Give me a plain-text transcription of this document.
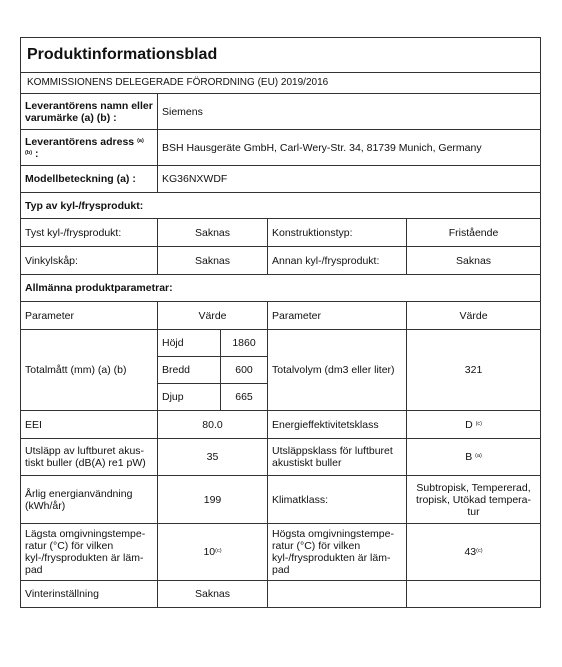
Produktinformationsblad				
KOMMISSIONENS DELEGERADE FÖRORDNING (EU) 2019/2016				
Leverantörens namn eller varumärke (a) (b) :	Siemens			
Leverantörens adress $^{(a)}$
$^{(b)}$ :	BSH Hausgeräte GmbH, Carl-Wery-Str. 34, 81739 Munich, Germany			
Modellbeteckning (a) :	KG36NXWDF			
Typ av kyl-/frysprodukt:				
Tyst kyl-/frysprodukt:	Saknas		Konstruktionstyp:	Fristående
Vinkylskåp:	Saknas		Annan kyl-/frysprodukt:	Saknas
Allmänna produktparametrar:				
Parameter	Värde		Parameter	Värde
Totalmått (mm) (a) (b)	Höjd	1860	Totalvolym (dm3 eller liter)	321
	Bredd	600		
	Djup	665		
EEI	80.0		Energieffektivitetsklass	D $^{(c)}$
Utsläpp av luftburet akus-tiskt buller (dB(A) re1 pW)	35		Utsläppsklass för luftburet akustiskt buller	B $^{(a)}$
Årlig energianvändning (kWh/år)	199		Klimatklass:	Subtropisk, Tempererad, tropisk, Utökad tempera-tur
Lägsta omgivningstempe-ratur (°C) för vilken kyl-/frysprodukten är läm-pad	10$^{(c)}$		Högsta omgivningstempe-ratur (°C) för vilken kyl-/frysprodukten är läm-pad	43$^{(c)}$
Vinterinställning	Saknas			
